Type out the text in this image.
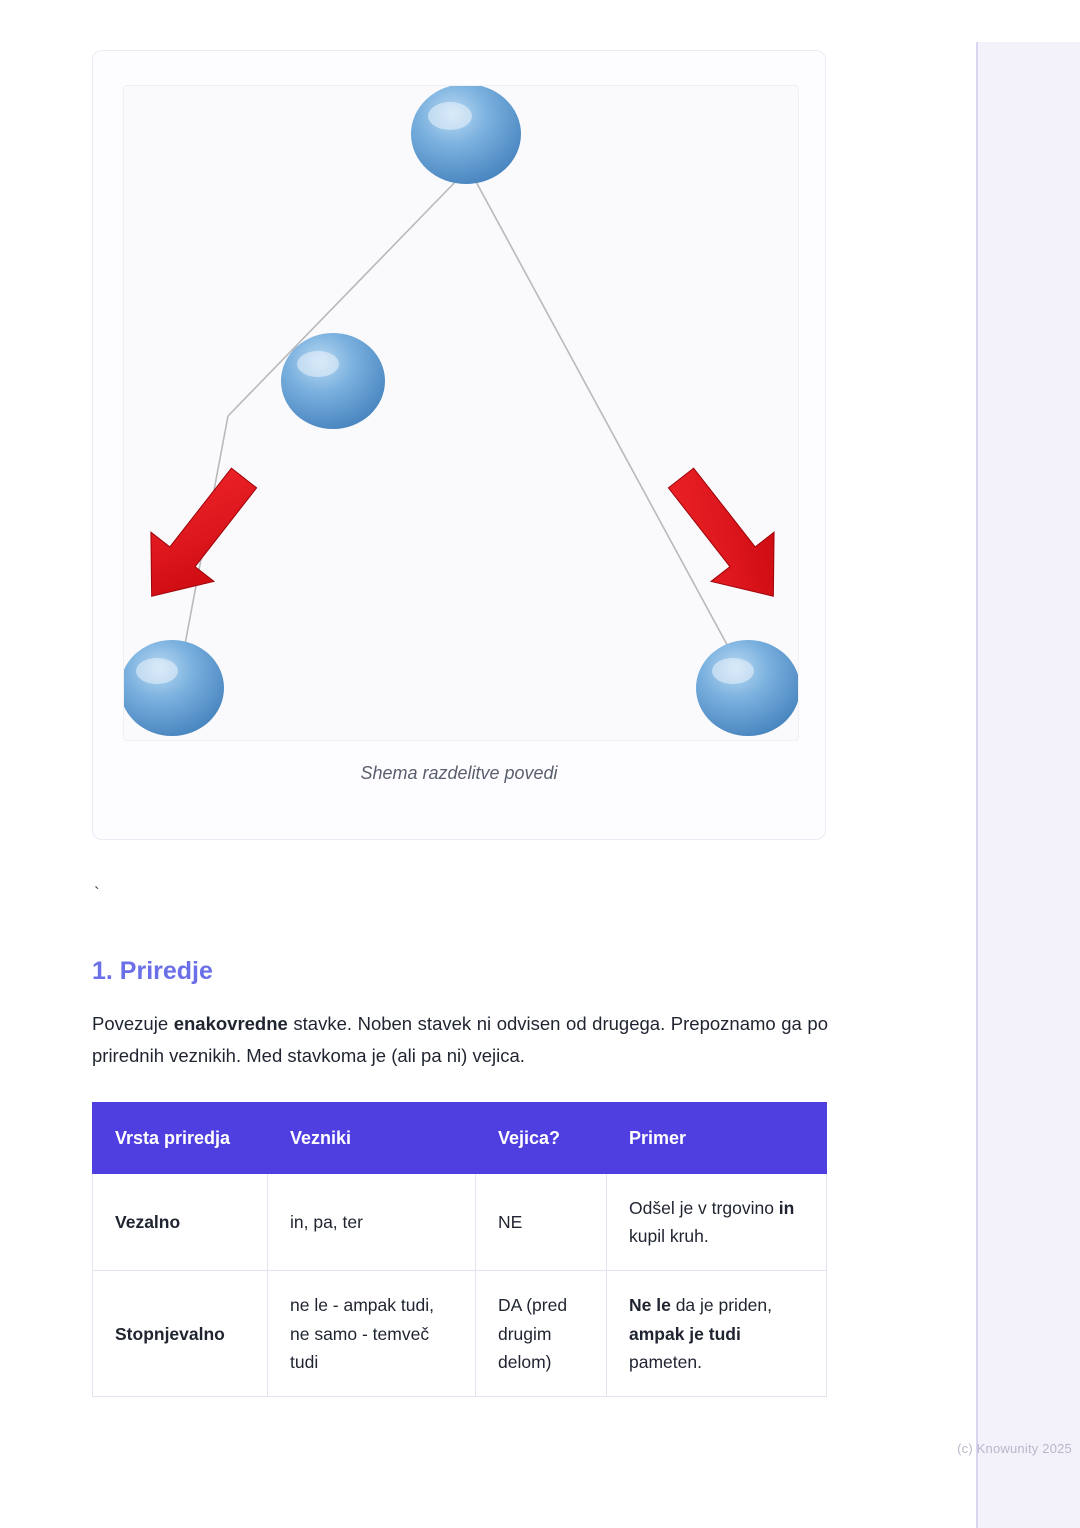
(c) Knowunity 2025
Shema razdelitve povedi
`
1. Priredje

Povezuje enakovredne stavke. Noben stavek ni odvisen od drugega. Prepoznamo ga po prirednih veznikih. Med stavkoma je (ali pa ni) vejica.

Vrsta priredja	Vezniki	Vejica?	Primer
Vezalno	in, pa, ter	NE	Odšel je v trgovino in kupil kruh.
Stopnjevalno	ne le - ampak tudi, ne samo - temveč tudi	DA (pred drugim delom)	Ne le da je priden, ampak je tudi pameten.
